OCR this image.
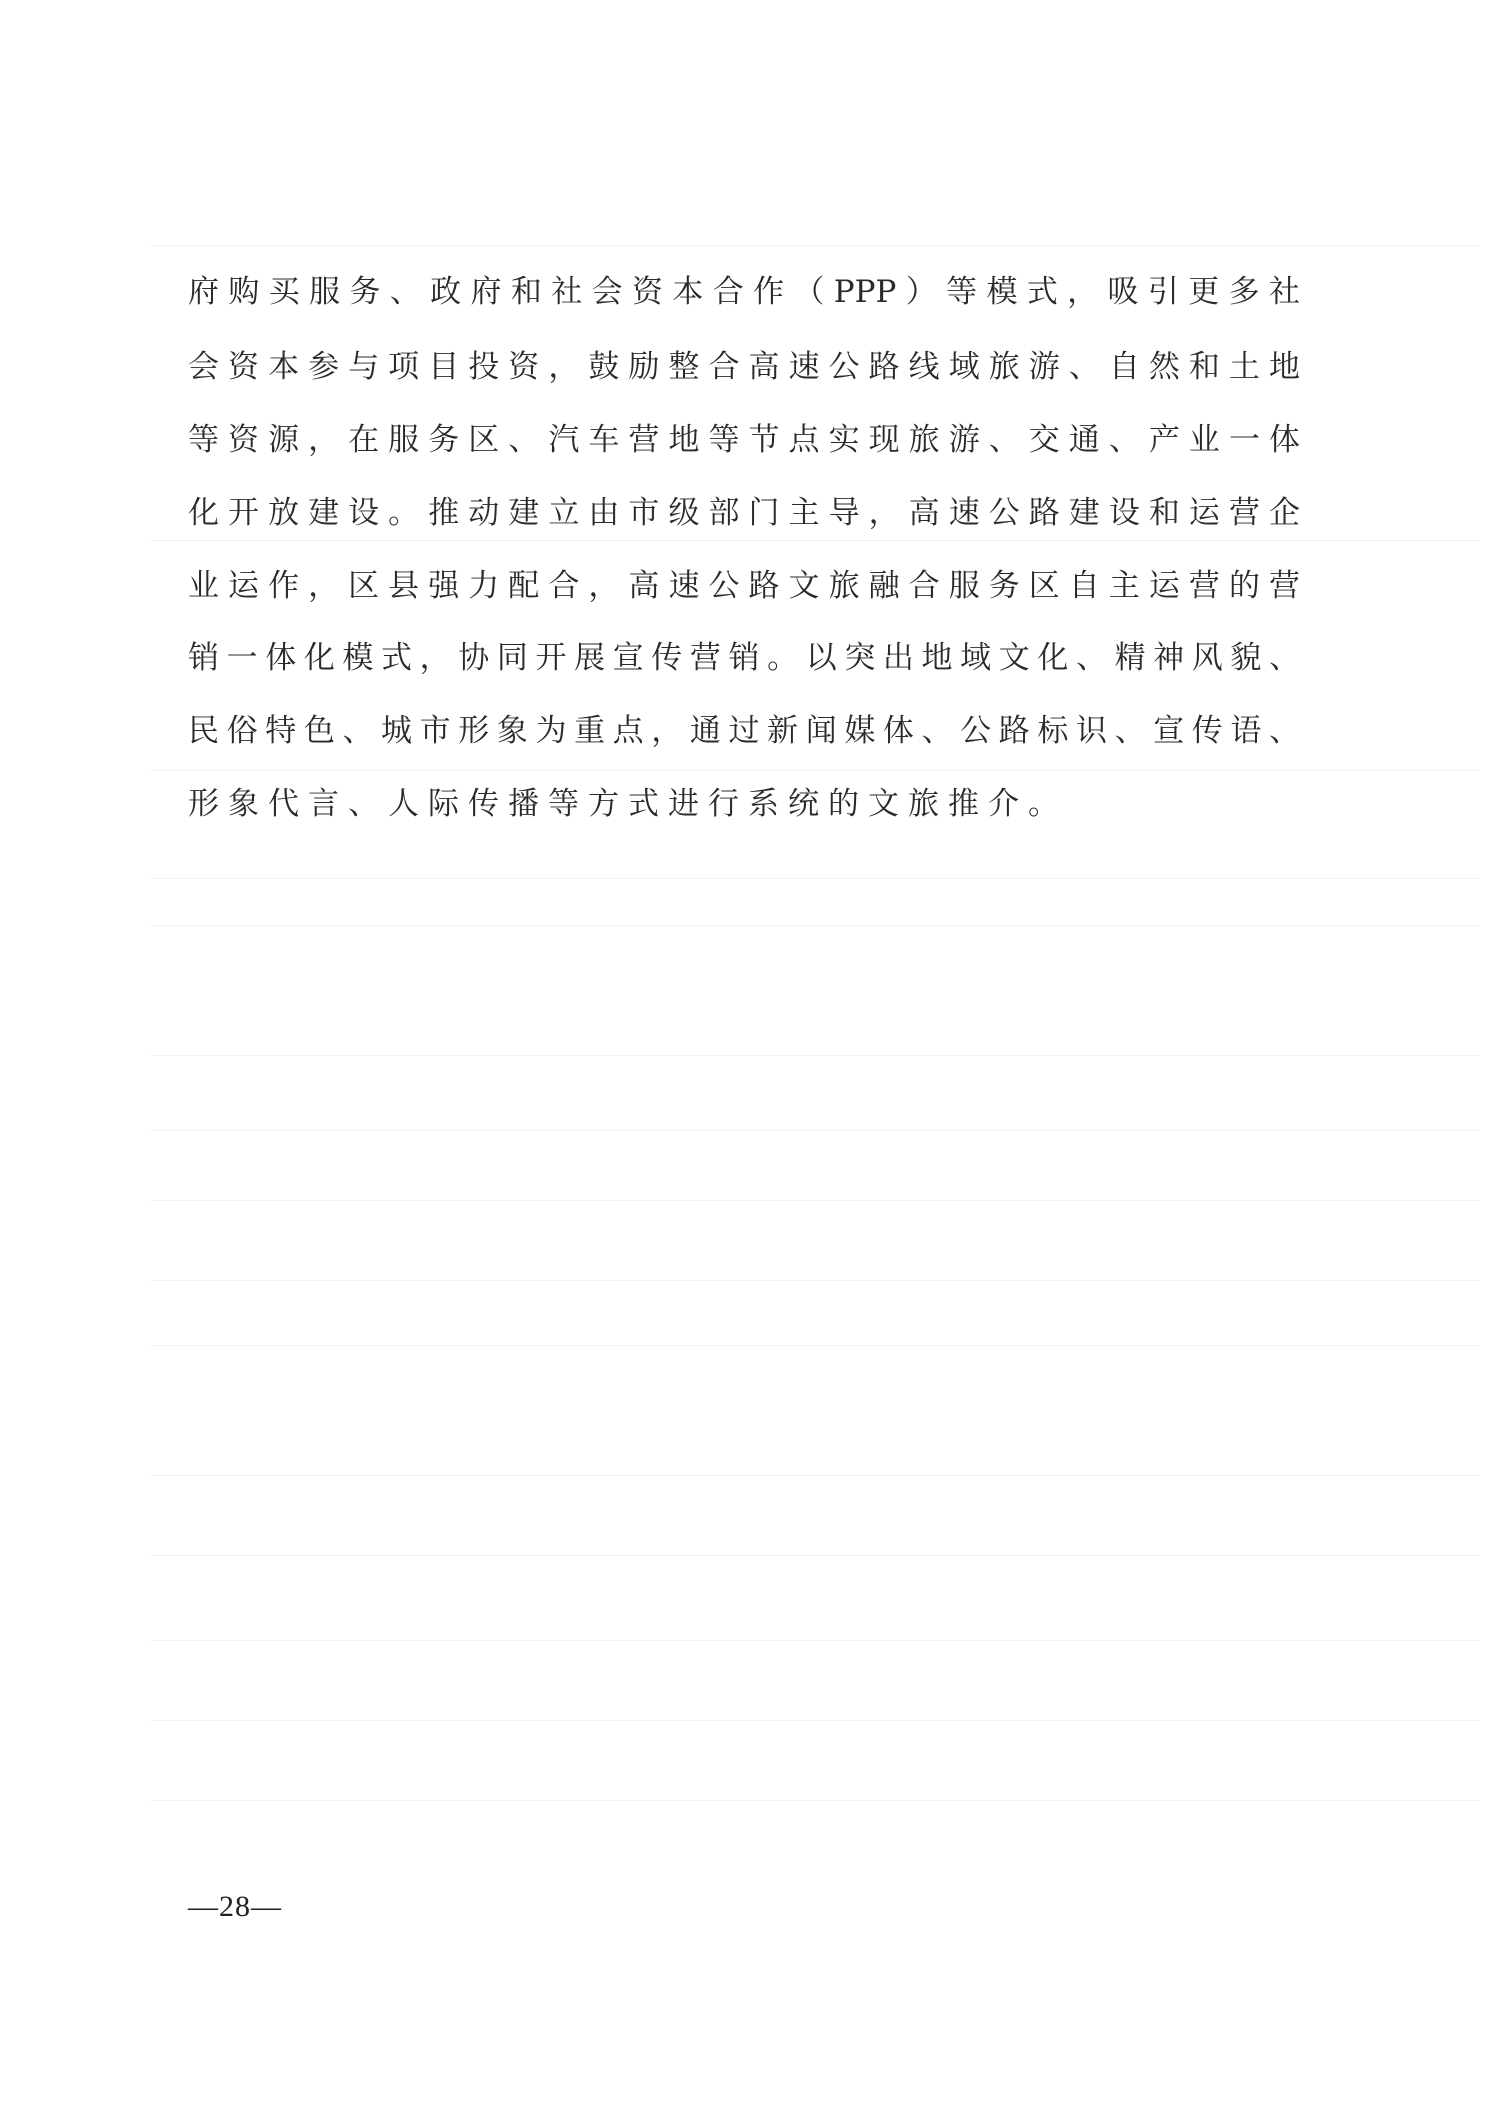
府购买服务、政府和社会资本合作（PPP）等模式，吸引更多社
会资本参与项目投资，鼓励整合高速公路线域旅游、自然和土地
等资源，在服务区、汽车营地等节点实现旅游、交通、产业一体
化开放建设。推动建立由市级部门主导，高速公路建设和运营企
业运作，区县强力配合，高速公路文旅融合服务区自主运营的营
销一体化模式，协同开展宣传营销。以突出地域文化、精神风貌、
民俗特色、城市形象为重点，通过新闻媒体、公路标识、宣传语、
形象代言、人际传播等方式进行系统的文旅推介。
—28—
